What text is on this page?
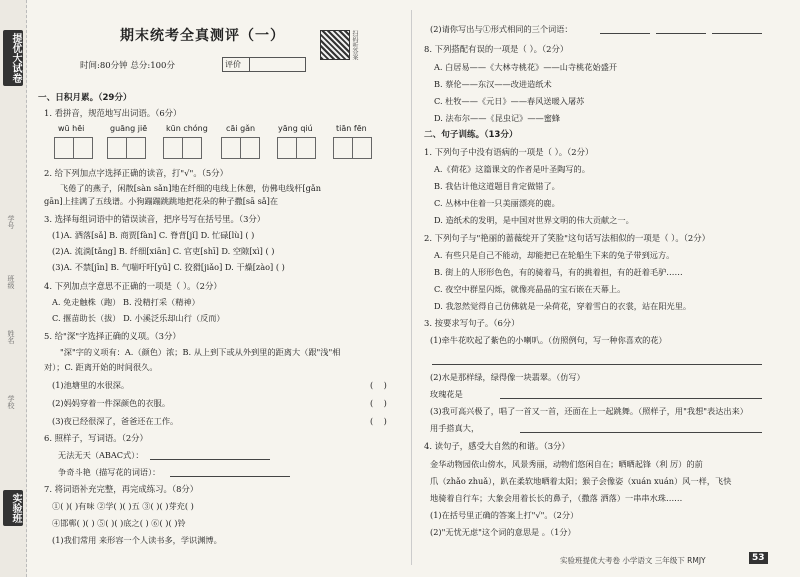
提优大试卷
学号
班级
姓名
学校
实验班
期末统考全真测评（一）	扫码听答案
时间:80分钟 总分:100分	评价
一、日积月累。（29分）
1. 看拼音，规范地写出词语。（6分）
wū hēi	guāng jiē kūn chóng cāi gǎn	yāng qiú	tiān fēn
2. 给下列加点字选择正确的读音，打"√"。（5分）
飞倦了的燕子，闲散[sàn sǎn]地在纤细的电线上休憩，仿佛电线杆[gǎn
gān]上挂满了五线谱。小狗蹦蹦跳跳地把花朵的种子撒[sā sǎ]在
3. 选择每组词语中的错误读音，把序号写在括号里。（3分）
(1)A. 洒落[sǎ] B. 商贾[fàn] C. 脊背[jǐ] D. 忙碌[lù] ( )
(2)A. 流淌[tǎng] B. 纤细[xiān] C. 官吏[shī] D. 空隙[xì] ( )
(3)A. 不禁[jīn] B. 气喘吁吁[yū] C. 狡猾[jiǎo] D. 干燥[zào] ( )
4. 下列加点字意思不正确的一项是（ ）。（2分）
A. 免走触株（跑） B. 没精打采（精神）
C. 揠苗助长（拔） D. 小溪泛乐却山行（反而）
5. 给"深"字选择正确的义项。（3分）
"深"字的义项有：A.（颜色）浓；B. 从上到下或从外到里的距离大（跟"浅"相
对）；C. 距离开始的时间很久。
(1)池塘里的水很深。	(    )
(2)妈妈穿着一件深颜色的衣服。	(    )
(3)夜已经很深了，爸爸还在工作。	(    )
6. 照样子，写词语。（2分）
无法无天（ABAC式）：
争奇斗艳（描写花的词语）：
7. 将词语补充完整，再完成练习。（8分）
①( )( )有味 ②学( )( )五 ③( )( )芽充( )
④邯郸( )( ) ⑤( )( )底之( ) ⑥( )( )铃
(1)我们常用 来形容一个人读书多，学识渊博。
(2)请你写出与①形式相同的三个词语：
8. 下列搭配有误的一项是（ ）。（2分）
A. 白居易——《大林寺桃花》——山寺桃花始盛开
B. 蔡伦——东汉——改进造纸术
C. 杜牧——《元日》——春风送暖入屠苏
D. 法布尔——《昆虫记》——蜜蜂
二、句子训练。（13分）
1. 下列句子中没有语病的一项是（ ）。（2分）
A.《荷花》这篇课文的作者是叶圣陶写的。
B. 我估计他这道题目肯定做错了。
C. 丛林中住着一只美丽漂亮的鹿。
D. 造纸术的发明，是中国对世界文明的伟大贡献之一。
2. 下列句子与"艳丽的蔷薇绽开了笑脸"这句话写法相似的一项是（ ）。（2分）
A. 有些只是自己不能动，却能把已在轮船生下来的兔子带到远方。
B. 街上的人形形色色，有的骑着马，有的挑着担，有的赶着毛驴……
C. 夜空中群星闪烁，就像亮晶晶的宝石嵌在天幕上。
D. 我忽然觉得自己仿佛就是一朵荷花，穿着雪白的衣裳，站在阳光里。
3. 按要求写句子。（6分）
(1)牵牛花吹起了紫色的小喇叭。（仿照例句，写一种你喜欢的花）
(2)水是那样绿，绿得像一块翡翠。（仿写）
玫瑰花是
(3)我可高兴极了，唱了一首又一首，还面在上一起跳舞。（照样子，用"我想"表达出来）
用手搭真大，
4. 读句子，感受大自然的和谐。（3分）
金华动物园依山傍水，风景秀丽，动物们悠闲自在；晒晒起锋（利 厉）的前
爪（zhǎo zhuǎ），趴在柔软地晒着太阳；猴子会像姿（xuán xuán）风一样，飞快
地骑着自行车；大象会用着长长的鼻子，（撒落 洒落）一串串水珠……
(1)在括号里正确的答案上打"√"。（2分）
(2)"无忧无虑"这个词的意思是 。（1分）
实验班提优大考卷 小学语文 三年级下 RMJY	53
